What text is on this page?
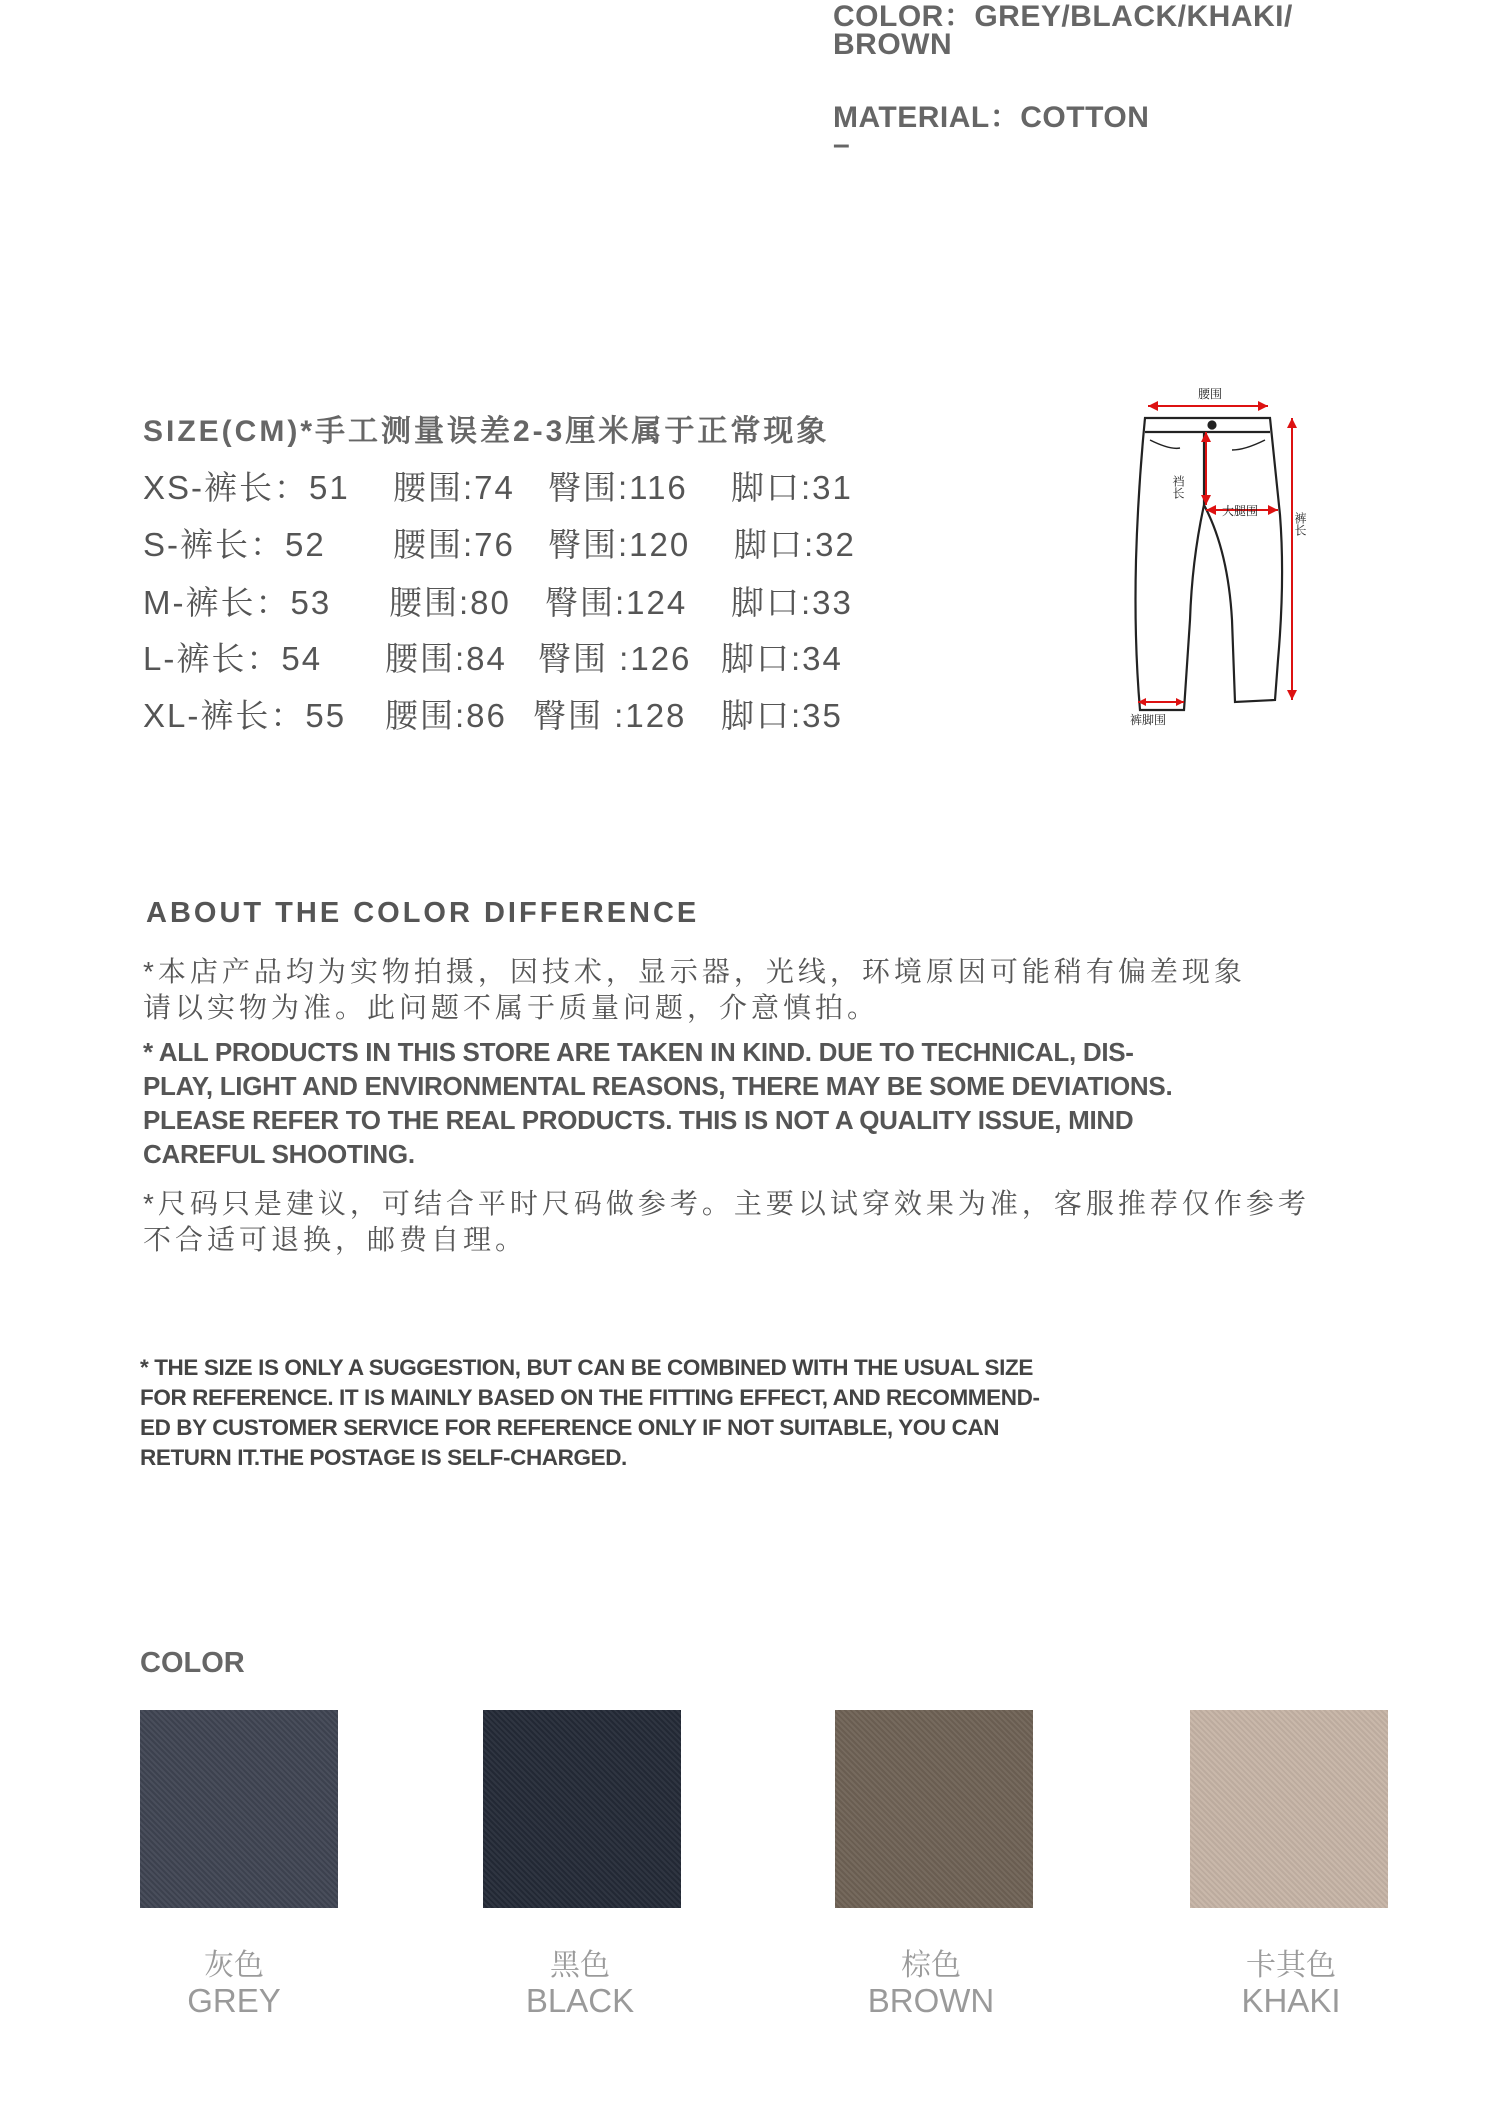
COLOR：GREY/BLACK/KHAKI/
BROWN
MATERIAL：COTTON
–
SIZE(CM)*手工测量误差2-3厘米属于正常现象
XS-裤长：51 腰围:74 臀围:116 脚口:31
S-裤长：52 腰围:76 臀围:120 脚口:32
M-裤长：53 腰围:80 臀围:124 脚口:33
L-裤长：54 腰围:84 臀围 :126 脚口:34
XL-裤长：55 腰围:86 臀围 :128 脚口:35
腰围
裆长
大腿围
裤长
裤脚围
ABOUT THE COLOR DIFFERENCE
*本店产品均为实物拍摄，因技术，显示器，光线，环境原因可能稍有偏差现象
请以实物为准。此问题不属于质量问题，介意慎拍。
* ALL PRODUCTS IN THIS STORE ARE TAKEN IN KIND. DUE TO TECHNICAL, DIS-
PLAY, LIGHT AND ENVIRONMENTAL REASONS, THERE MAY BE SOME DEVIATIONS.
PLEASE REFER TO THE REAL PRODUCTS. THIS IS NOT A QUALITY ISSUE, MIND
CAREFUL SHOOTING.
*尺码只是建议，可结合平时尺码做参考。主要以试穿效果为准，客服推荐仅作参考
不合适可退换，邮费自理。
* THE SIZE IS ONLY A SUGGESTION, BUT CAN BE COMBINED WITH THE USUAL SIZE
FOR REFERENCE. IT IS MAINLY BASED ON THE FITTING EFFECT, AND RECOMMEND-
ED BY CUSTOMER SERVICE FOR REFERENCE ONLY IF NOT SUITABLE, YOU CAN
RETURN IT.THE POSTAGE IS SELF-CHARGED.
COLOR
灰色
GREY
黑色
BLACK
棕色
BROWN
卡其色
KHAKI
